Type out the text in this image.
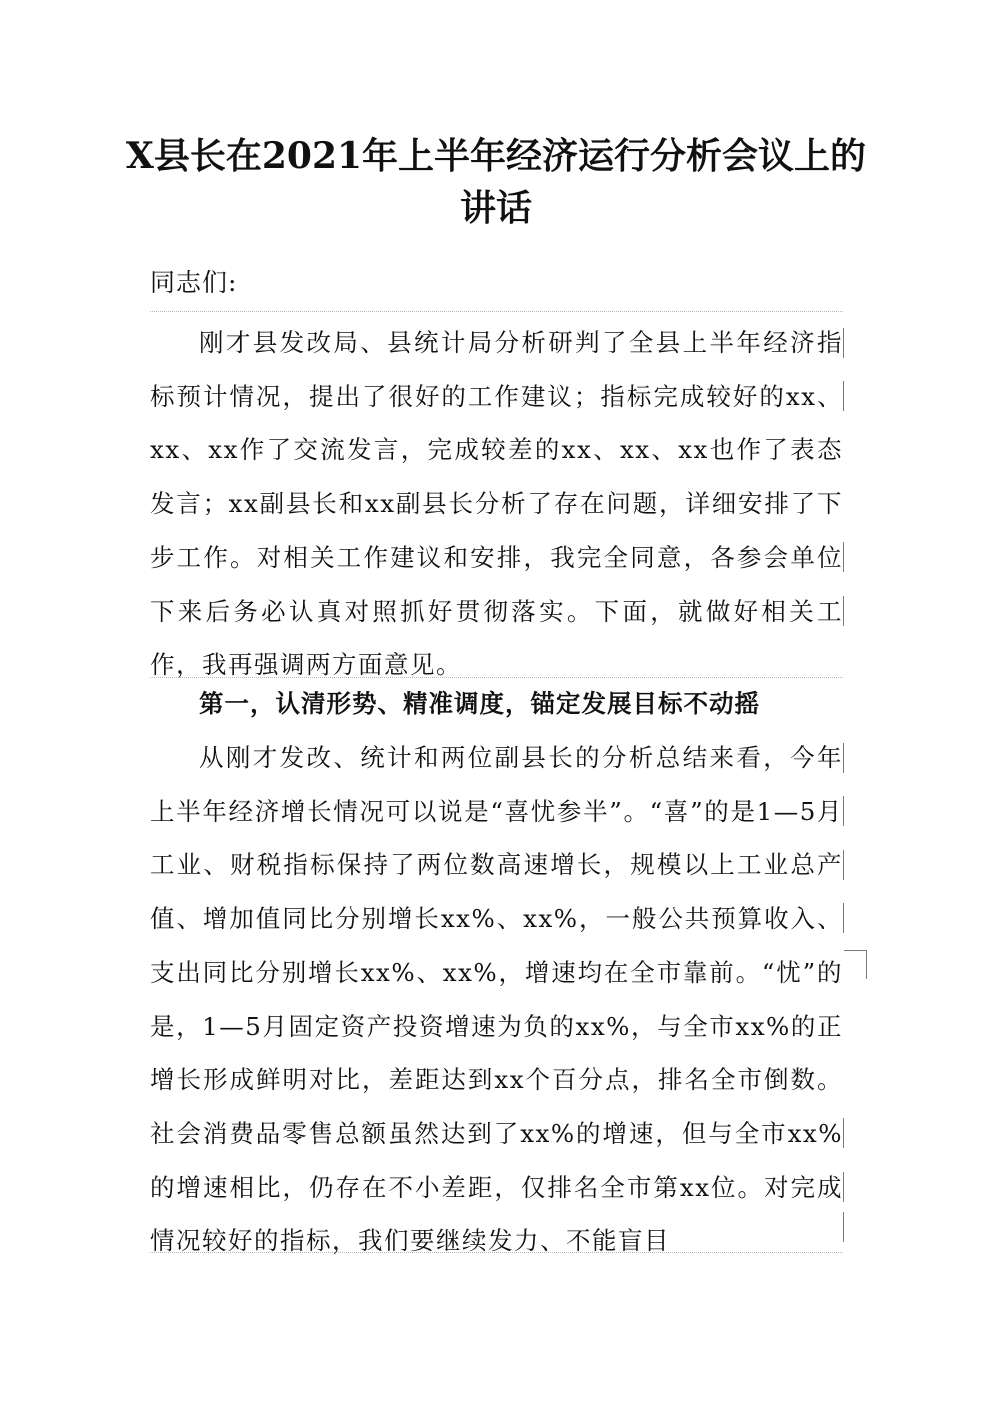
X县长在2021年上半年经济运行分析会议上的讲话
同志们:

刚才县发改局、县统计局分析研判了全县上半年经济指标预计情况，提出了很好的工作建议；指标完成较好的xx、xx、xx作了交流发言，完成较差的xx、xx、xx也作了表态发言；xx副县长和xx副县长分析了存在问题，详细安排了下步工作。对相关工作建议和安排，我完全同意，各参会单位下来后务必认真对照抓好贯彻落实。下面，就做好相关工作，我再强调两方面意见。

第一，认清形势、精准调度，锚定发展目标不动摇

从刚才发改、统计和两位副县长的分析总结来看，今年上半年经济增长情况可以说是“喜忧参半”。“喜”的是1—5月工业、财税指标保持了两位数高速增长，规模以上工业总产值、增加值同比分别增长xx%、xx%，一般公共预算收入、支出同比分别增长xx%、xx%，增速均在全市靠前。“忧”的是，1—5月固定资产投资增速为负的xx%，与全市xx%的正增长形成鲜明对比，差距达到xx个百分点，排名全市倒数。社会消费品零售总额虽然达到了xx%的增速，但与全市xx%的增速相比，仍存在不小差距，仅排名全市第xx位。对完成情况较好的指标，我们要继续发力、不能盲目
